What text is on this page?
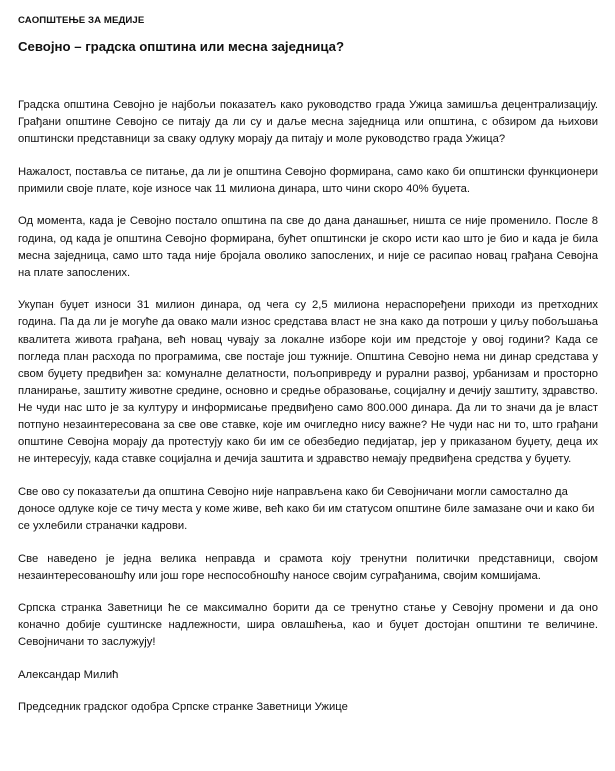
САОПШТЕЊЕ ЗА МЕДИЈЕ
Севојно – градска општина или месна заједница?

Градска општина Севојно је најбољи показатељ како руководство града Ужица замишља децентрализацију. Грађани општине Севојно се питају да ли су и даље месна заједница или општина, с обзиром да њихови општински представници за сваку одлуку морају да питају и моле руководство града Ужица?

Нажалост, поставља се питање, да ли је општина Севојно формирана, само како би општински функционери примили своје плате, које износе чак 11 милиона динара, што чини скоро 40% буџета.

Од момента, када је Севојно постало општина па све до дана данашњег, ништа се није променило. После 8 година, од када је општина Севојно формирана, бућет општински је скоро исти као што је био и када је била месна заједница, само што тада није бројала оволико запослених, и није се расипао новац грађана Севојна на плате запослених.

Укупан буџет износи 31 милион динара, од чега су 2,5 милиона нераспоређени приходи из претходних година. Па да ли је могуће да овако мали износ средстава власт не зна како да потроши у циљу побољшања квалитета живота грађана, већ новац чувају за локалне изборе који им предстоје у овој години? Када се погледа план расхода по програмима, све постаје још тужније. Општина Севојно нема ни динар средстава у свом буџету предвиђен за: комуналне делатности, пољопривреду и рурални развој, урбанизам и просторно планирање, заштиту животне средине, основно и средње образовање, социјалну и дечију заштиту, здравство. Не чуди нас што је за културу и информисање предвиђено само 800.000 динара. Да ли то значи да је власт потпуно незаинтересована за све ове ставке, које им очигледно нису важне? Не чуди нас ни то, што грађани општине Севојна морају да протестују како би им се обезбедио педијатар, јер у приказаном буџету, деца их не интересују, када ставке социјална и дечија заштита и здравство немају предвиђена средства у буџету.

Све ово су показатељи да општина Севојно није направљена како би Севојничани могли самостално да доносе одлуке које се тичу места у коме живе, већ како би им статусом општине биле замазане очи и како би се ухлебили страначки кадрови.

Све наведено је једна велика неправда и срамота коју тренутни политички представници, својом незаинтересованошћу или још горе неспособношћу наносе својим суграђанима, својим комшијама.

Српска странка Заветници ће се максимално борити да се тренутно стање у Севојну промени и да оно коначно добије суштинске надлежности, шира овлашћења, као и буџет достојан општини те величине. Севојничани то заслужују!

Александар Милић
Председник градског одобра Српске странке Заветници Ужице
